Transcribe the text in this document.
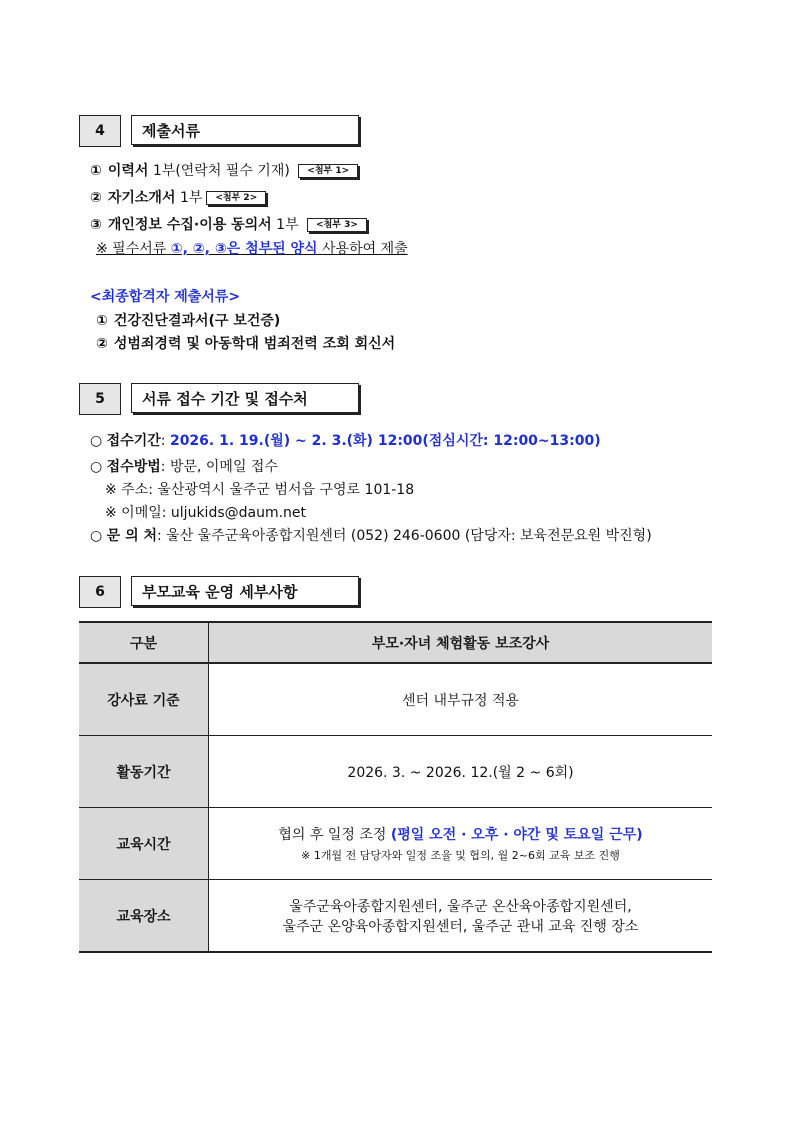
4	제출서류
① 이력서 1부(연락처 필수 기재) <첨부 1>
② 자기소개서 1부 <첨부 2>
③ 개인정보 수집·이용 동의서 1부 <첨부 3>
※ 필수서류 ①, ②, ③은 첨부된 양식 사용하여 제출
<최종합격자 제출서류>
① 건강진단결과서(구 보건증)
② 성범죄경력 및 아동학대 범죄전력 조회 회신서
5	서류 접수 기간 및 접수처
○ 접수기간: 2026. 1. 19.(월) ~ 2. 3.(화) 12:00(점심시간: 12:00~13:00)
○ 접수방법: 방문, 이메일 접수
※ 주소: 울산광역시 울주군 범서읍 구영로 101-18
※ 이메일: uljukids@daum.net
○ 문 의 처: 울산 울주군육아종합지원센터 (052) 246-0600 (담당자: 보육전문요원 박진형)
6	부모교육 운영 세부사항
구분	부모·자녀 체험활동 보조강사
강사료 기준	센터 내부규정 적용
활동기간	2026. 3. ~ 2026. 12.(월 2 ~ 6회)
교육시간	협의 후 일정 조정 (평일 오전 · 오후 · 야간 및 토요일 근무)
※ 1개월 전 담당자와 일정 조율 및 협의, 월 2~6회 교육 보조 진행

교육장소	울주군육아종합지원센터, 울주군 온산육아종합지원센터,
울주군 온양육아종합지원센터, 울주군 관내 교육 진행 장소
